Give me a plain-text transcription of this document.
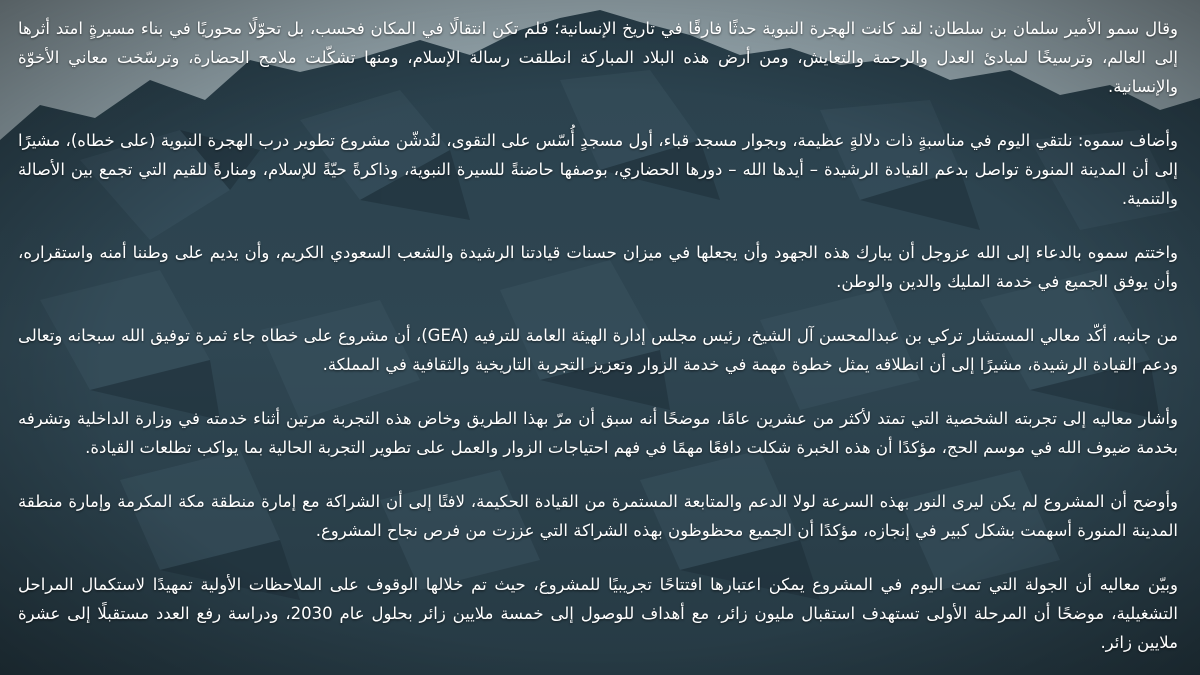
وقال سمو الأمير سلمان بن سلطان: لقد كانت الهجرة النبوية حدثًا فارقًا في تاريخ الإنسانية؛ فلم تكن انتقالًا في المكان فحسب، بل تحوّلًا محوريًا في بناء مسيرةٍ امتد أثرها إلى العالم، وترسيخًا لمبادئ العدل والرحمة والتعايش، ومن أرض هذه البلاد المباركة انطلقت رسالة الإسلام، ومنها تشكّلت ملامح الحضارة، وترسّخت معاني الأخوّة والإنسانية.

وأضاف سموه: نلتقي اليوم في مناسبةٍ ذات دلالةٍ عظيمة، وبجوار مسجد قباء، أول مسجدٍ أُسّس على التقوى، لنُدشّن مشروع تطوير درب الهجرة النبوية (على خطاه)، مشيرًا إلى أن المدينة المنورة تواصل بدعم القيادة الرشيدة – أيدها الله – دورها الحضاري، بوصفها حاضنةً للسيرة النبوية، وذاكرةً حيّةً للإسلام، ومنارةً للقيم التي تجمع بين الأصالة والتنمية.

واختتم سموه بالدعاء إلى الله عزوجل أن يبارك هذه الجهود وأن يجعلها في ميزان حسنات قيادتنا الرشيدة والشعب السعودي الكريم، وأن يديم على وطننا أمنه واستقراره، وأن يوفق الجميع في خدمة المليك والدين والوطن.

من جانبه، أكّد معالي المستشار تركي بن عبدالمحسن آل الشيخ، رئيس مجلس إدارة الهيئة العامة للترفيه (GEA)، أن مشروع على خطاه جاء ثمرة توفيق الله سبحانه وتعالى ودعم القيادة الرشيدة، مشيرًا إلى أن انطلاقه يمثل خطوة مهمة في خدمة الزوار وتعزيز التجربة التاريخية والثقافية في المملكة.

وأشار معاليه إلى تجربته الشخصية التي تمتد لأكثر من عشرين عامًا، موضحًا أنه سبق أن مرّ بهذا الطريق وخاض هذه التجربة مرتين أثناء خدمته في وزارة الداخلية وتشرفه بخدمة ضيوف الله في موسم الحج، مؤكدًا أن هذه الخبرة شكلت دافعًا مهمًا في فهم احتياجات الزوار والعمل على تطوير التجربة الحالية بما يواكب تطلعات القيادة.

وأوضح أن المشروع لم يكن ليرى النور بهذه السرعة لولا الدعم والمتابعة المستمرة من القيادة الحكيمة، لافتًا إلى أن الشراكة مع إمارة منطقة مكة المكرمة وإمارة منطقة المدينة المنورة أسهمت بشكل كبير في إنجازه، مؤكدًا أن الجميع محظوظون بهذه الشراكة التي عززت من فرص نجاح المشروع.

وبيّن معاليه أن الجولة التي تمت اليوم في المشروع يمكن اعتبارها افتتاحًا تجريبيًا للمشروع، حيث تم خلالها الوقوف على الملاحظات الأولية تمهيدًا لاستكمال المراحل التشغيلية، موضحًا أن المرحلة الأولى تستهدف استقبال مليون زائر، مع أهداف للوصول إلى خمسة ملايين زائر بحلول عام 2030، ودراسة رفع العدد مستقبلًا إلى عشرة ملايين زائر.
